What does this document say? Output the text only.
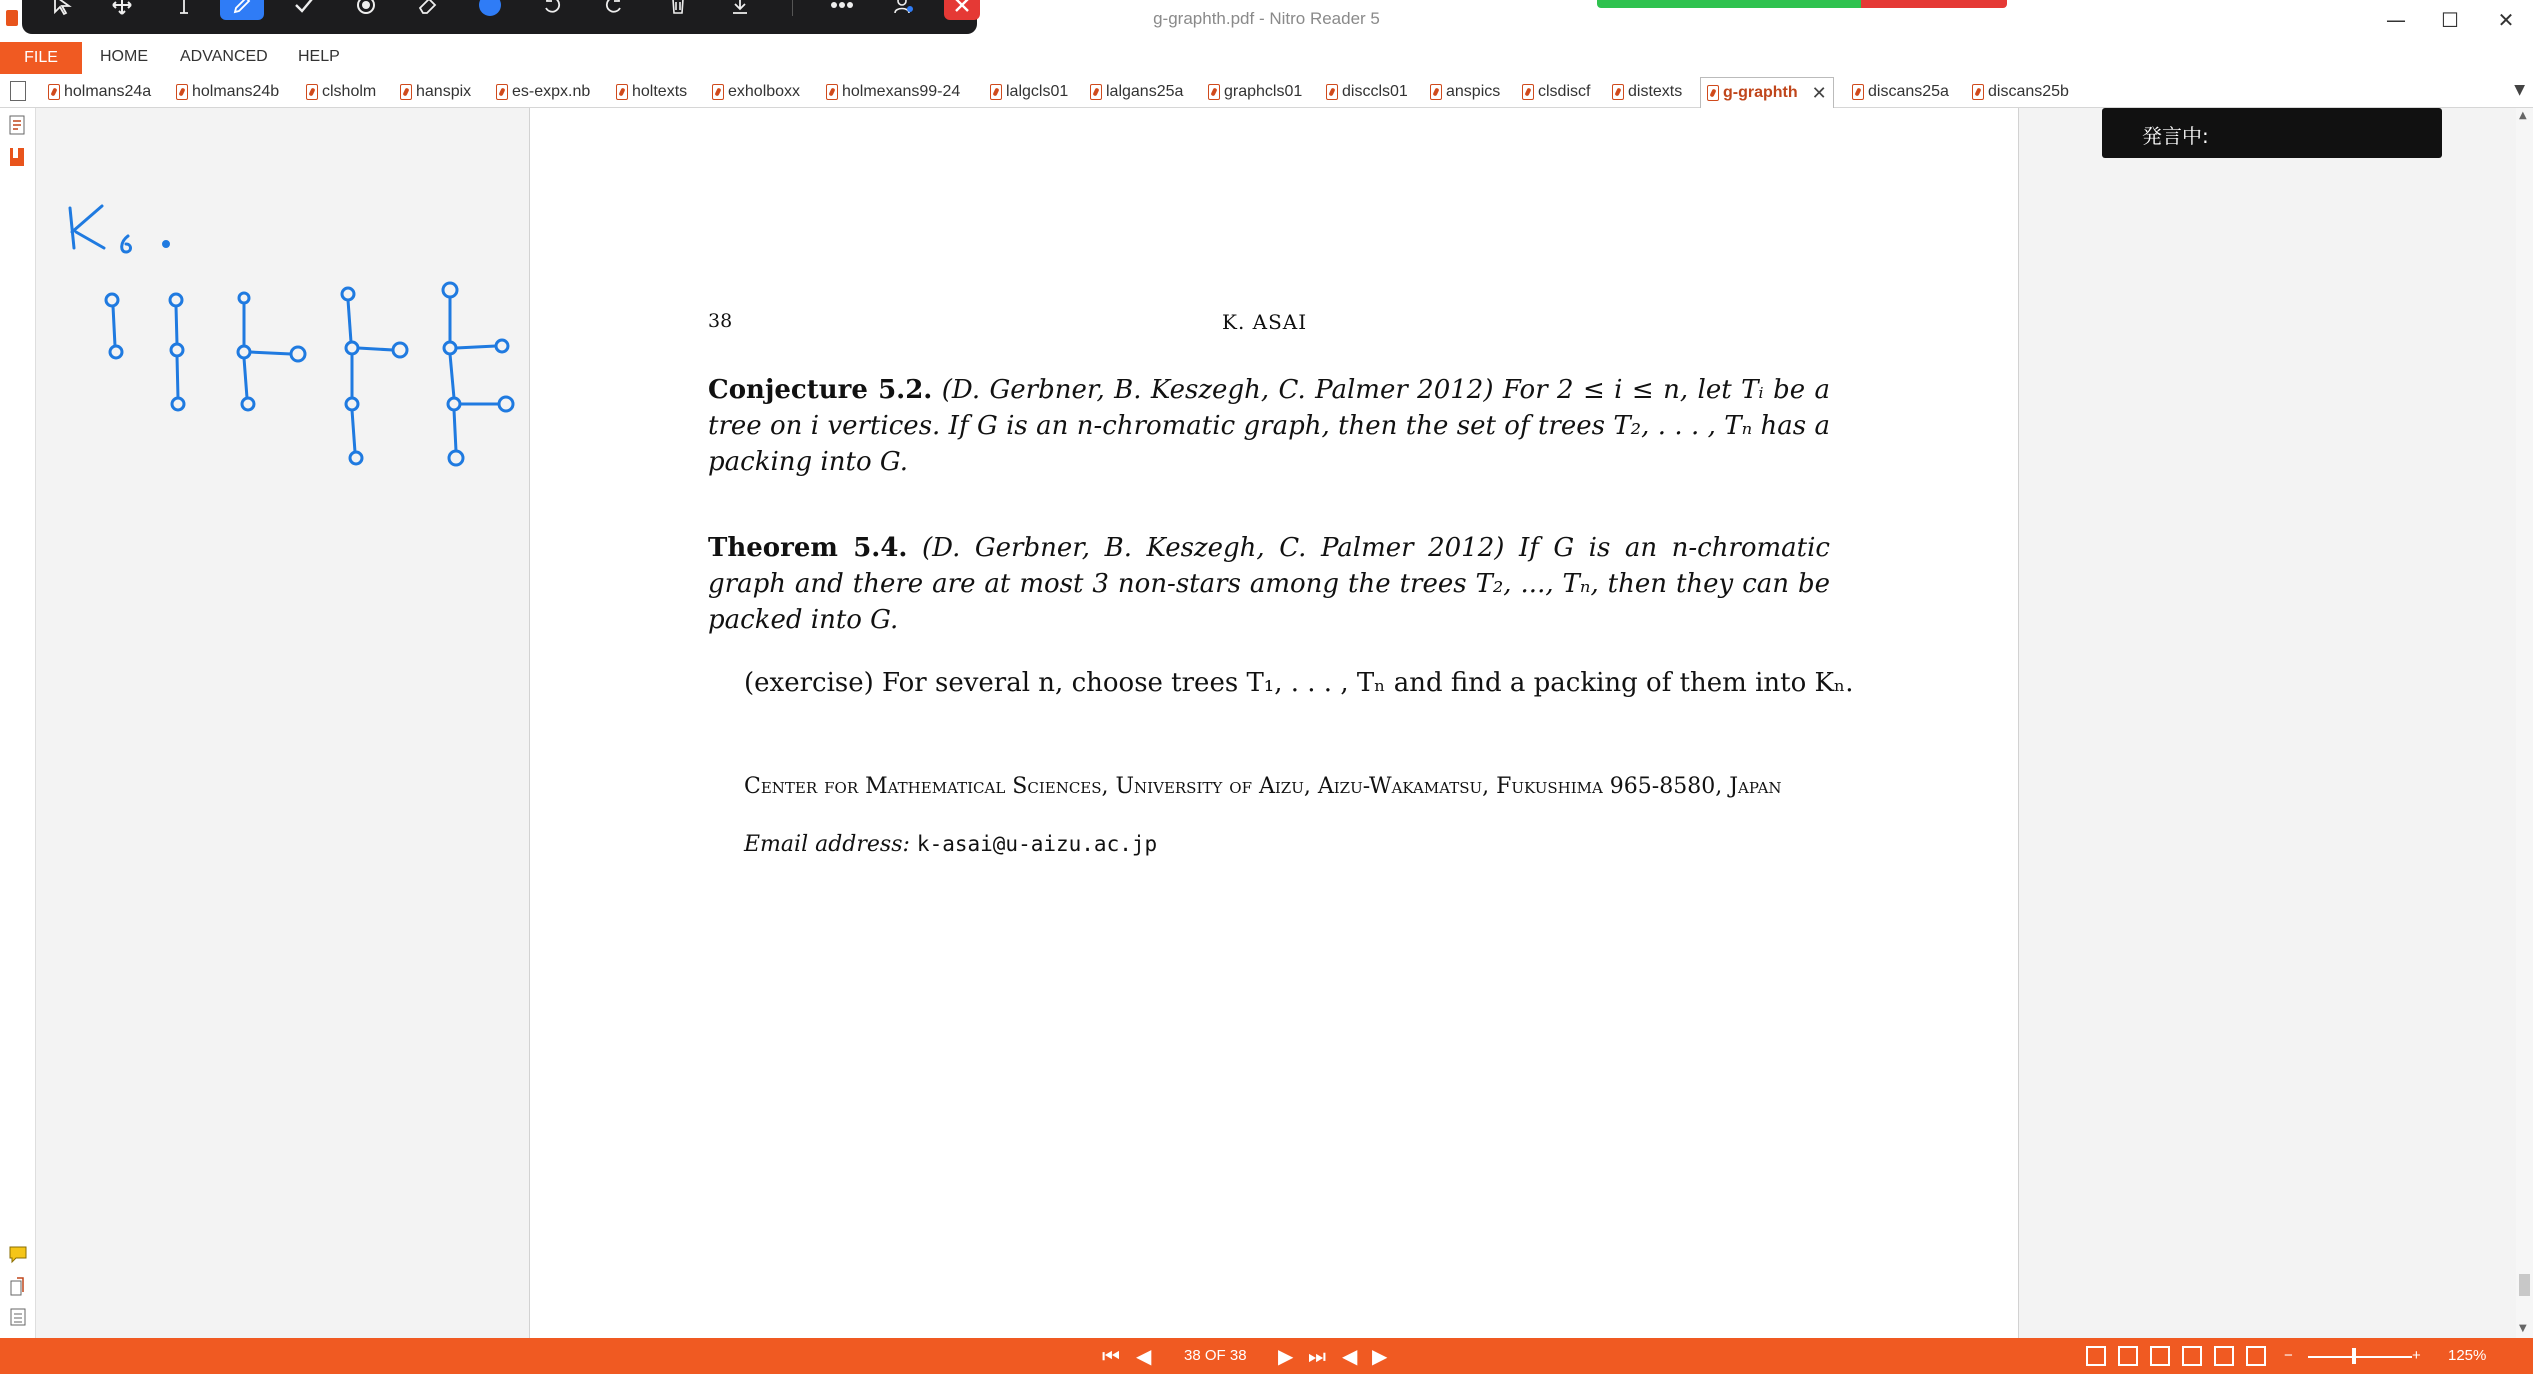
g-graphth.pdf - Nitro Reader 5	—	☐	✕
FILE	HOME ADVANCED HELP
holmans24a	holmans24b	clsholm hanspix	es-expx.nb	holtexts	exholboxx	holmexans99-24	lalgcls01 lalgans25a	graphcls01 disccls01 anspics clsdiscf distexts	g-graphth ✕	discans25a discans25b	▼
38	K. ASAI
Conjecture 5.2. (D. Gerbner, B. Keszegh, C. Palmer 2012) For 2 ≤ i ≤ n, let Tᵢ be a tree on i vertices. If G is an n-chromatic graph, then the set of trees T₂, . . . , Tₙ has a packing into G.
Theorem 5.4. (D. Gerbner, B. Keszegh, C. Palmer 2012) If G is an n-chromatic graph and there are at most 3 non-stars among the trees T₂, ..., Tₙ, then they can be packed into G.
(exercise) For several n, choose trees T₁, . . . , Tₙ and find a packing of them into Kₙ.
Center for Mathematical Sciences, University of Aizu, Aizu-Wakamatsu, Fukushima 965-8580, Japan
Email address: k-asai@u-aizu.ac.jp
発言中:
▲
▼
⏮ ◀ 38 OF 38 ▶ ⏭ ◀ ▶	−	+ 125%
